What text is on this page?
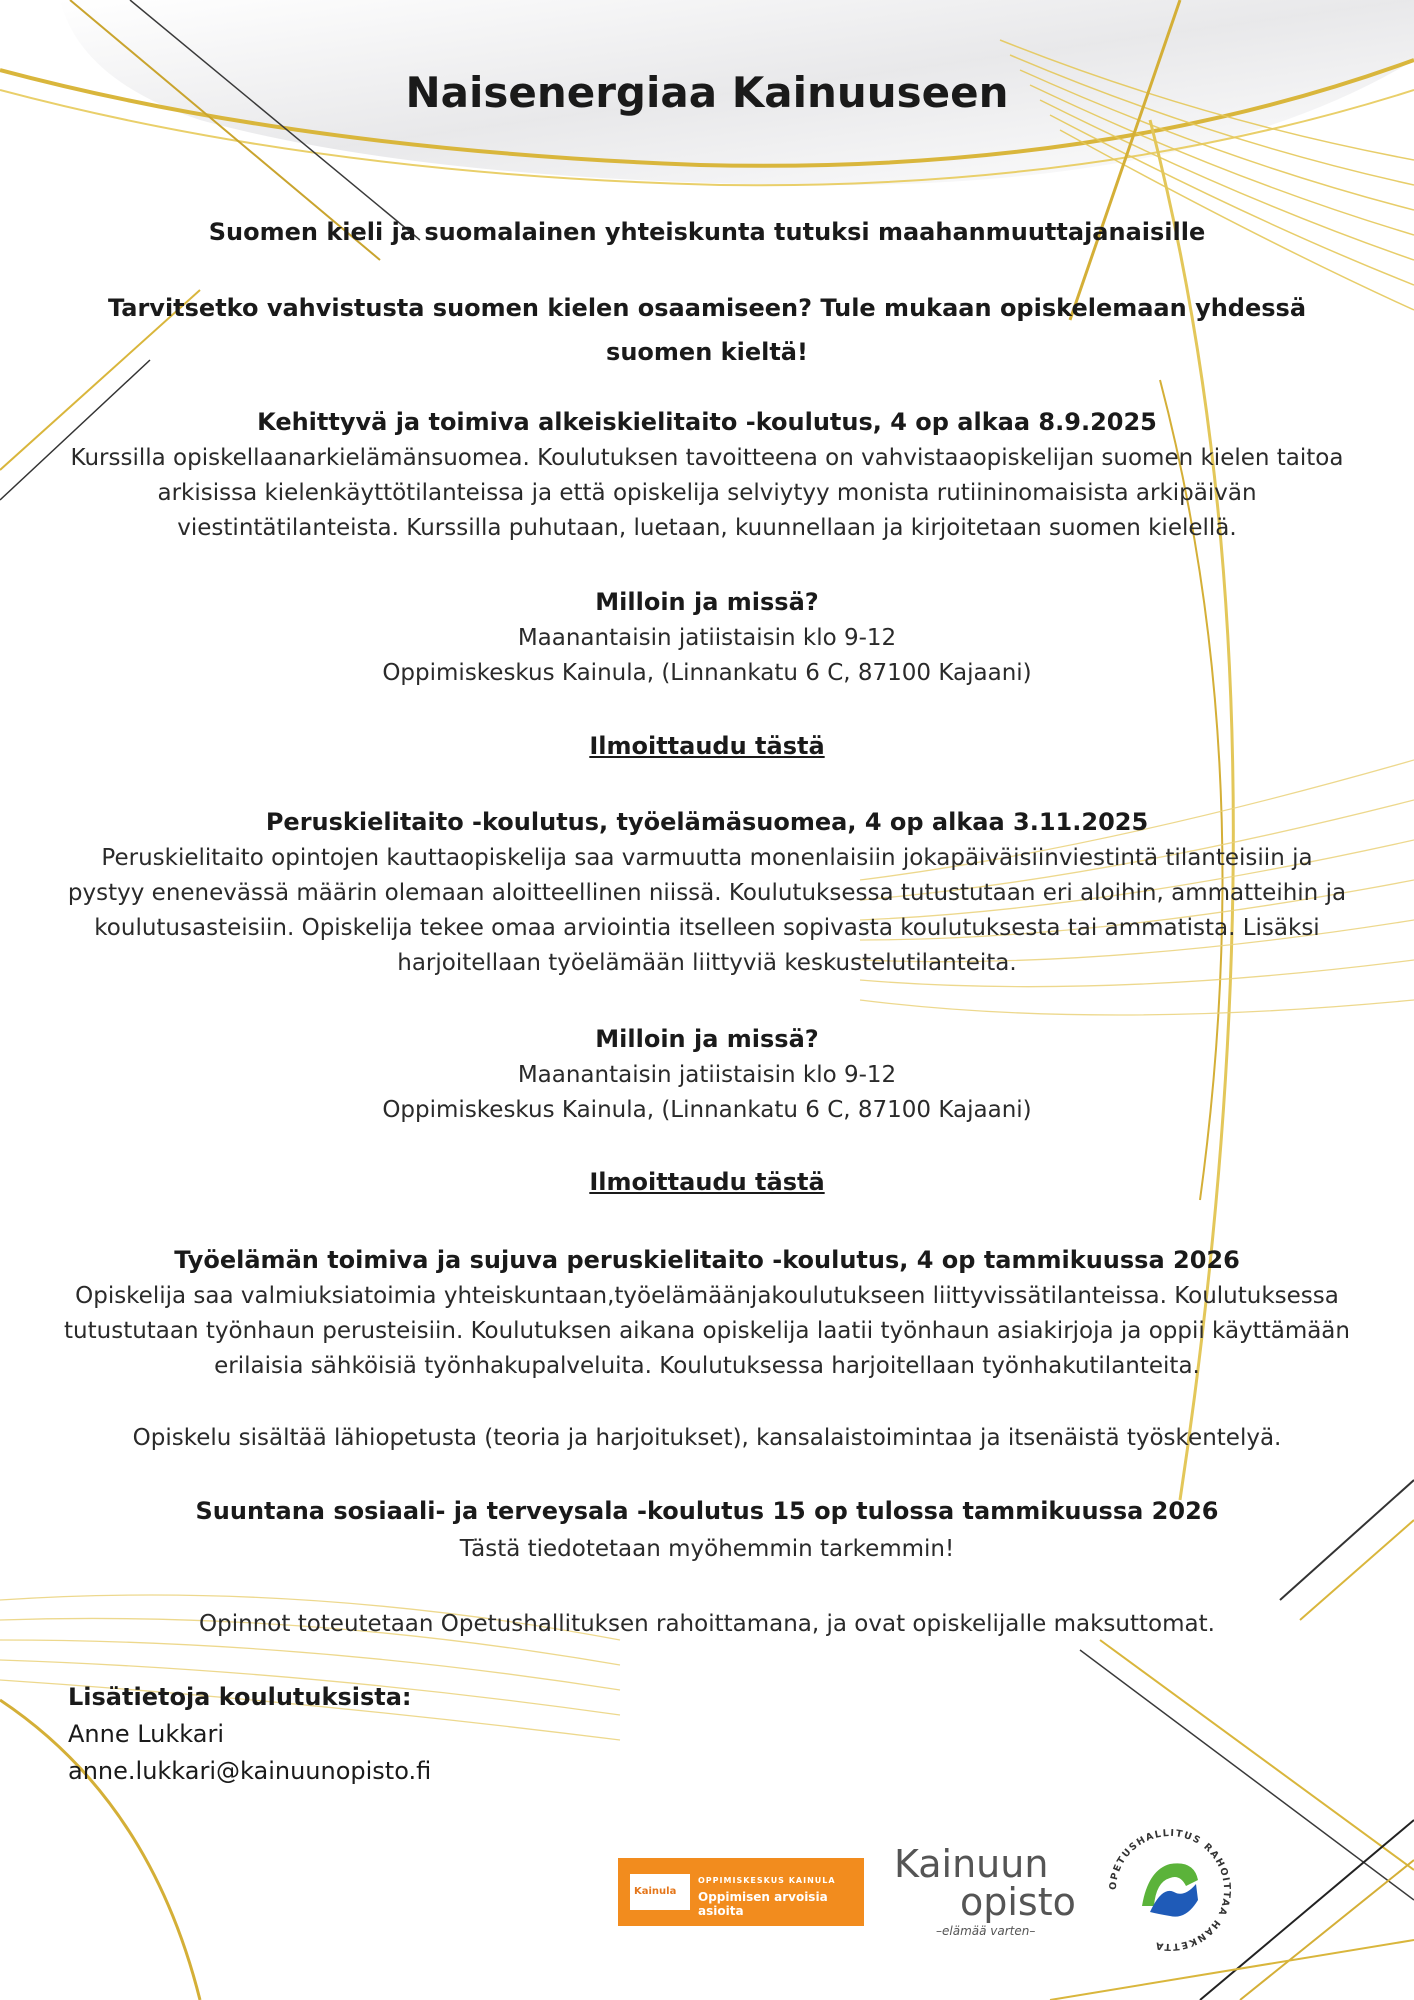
Naisenergiaa Kainuuseen

Suomen kieli ja suomalainen yhteiskunta tutuksi maahanmuuttajanaisille

Tarvitsetko vahvistusta suomen kielen osaamiseen? Tule mukaan opiskelemaan yhdessä

suomen kieltä!

Kehittyvä ja toimiva alkeiskielitaito -koulutus, 4 op alkaa 8.9.2025

Kurssilla opiskellaanarkielämänsuomea. Koulutuksen tavoitteena on vahvistaaopiskelijan suomen kielen taitoa arkisissa kielenkäyttötilanteissa ja että opiskelija selviytyy monista rutiininomaisista arkipäivän viestintätilanteista. Kurssilla puhutaan, luetaan, kuunnellaan ja kirjoitetaan suomen kielellä.

Milloin ja missä?

Maanantaisin jatiistaisin klo 9-12

Oppimiskeskus Kainula, (Linnankatu 6 C, 87100 Kajaani)

Ilmoittaudu tästä

Peruskielitaito -koulutus, työelämäsuomea, 4 op alkaa 3.11.2025

Peruskielitaito opintojen kauttaopiskelija saa varmuutta monenlaisiin jokapäiväisiinviestintä tilanteisiin ja pystyy enenevässä määrin olemaan aloitteellinen niissä. Koulutuksessa tutustutaan eri aloihin, ammatteihin ja koulutusasteisiin. Opiskelija tekee omaa arviointia itselleen sopivasta koulutuksesta tai ammatista. Lisäksi harjoitellaan työelämään liittyviä keskustelutilanteita.

Milloin ja missä?

Maanantaisin jatiistaisin klo 9-12

Oppimiskeskus Kainula, (Linnankatu 6 C, 87100 Kajaani)

Ilmoittaudu tästä

Työelämän toimiva ja sujuva peruskielitaito -koulutus, 4 op tammikuussa 2026

Opiskelija saa valmiuksiatoimia yhteiskuntaan,työelämäänjakoulutukseen liittyvissätilanteissa. Koulutuksessa tutustutaan työnhaun perusteisiin. Koulutuksen aikana opiskelija laatii työnhaun asiakirjoja ja oppii käyttämään erilaisia sähköisiä työnhakupalveluita. Koulutuksessa harjoitellaan työnhakutilanteita.

Opiskelu sisältää lähiopetusta (teoria ja harjoitukset), kansalaistoimintaa ja itsenäistä työskentelyä.

Suuntana sosiaali- ja terveysala -koulutus 15 op tulossa tammikuussa 2026

Tästä tiedotetaan myöhemmin tarkemmin!

Opinnot toteutetaan Opetushallituksen rahoittamana, ja ovat opiskelijalle maksuttomat.

Lisätietoja koulutuksista:
Anne Lukkari
anne.lukkari@kainuunopisto.fi
Kainula
OPPIMISKESKUS KAINULA
Oppimisen arvoisia asioita
Kainuun
opisto
–elämää varten–
OPETUSHALLITUS RAHOITTAA HANKETTA
